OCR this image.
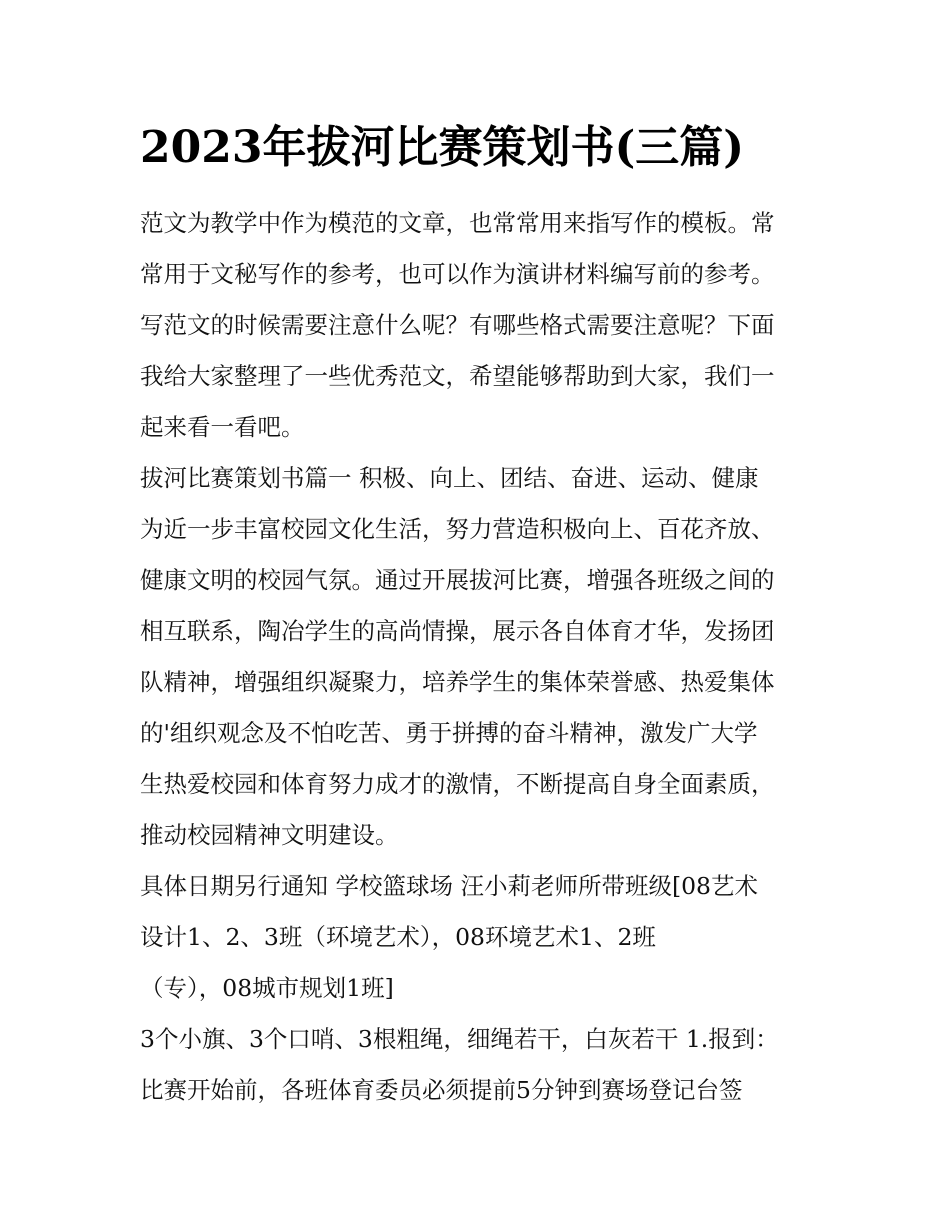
2023年拔河比赛策划书(三篇)
范文为教学中作为模范的文章，也常常用来指写作的模板。常
常用于文秘写作的参考，也可以作为演讲材料编写前的参考。
写范文的时候需要注意什么呢？有哪些格式需要注意呢？下面
我给大家整理了一些优秀范文，希望能够帮助到大家，我们一
起来看一看吧。
拔河比赛策划书篇一 积极、向上、团结、奋进、运动、健康
为近一步丰富校园文化生活，努力营造积极向上、百花齐放、
健康文明的校园气氛。通过开展拔河比赛，增强各班级之间的
相互联系，陶冶学生的高尚情操，展示各自体育才华，发扬团
队精神，增强组织凝聚力，培养学生的集体荣誉感、热爱集体
的'组织观念及不怕吃苦、勇于拼搏的奋斗精神，激发广大学
生热爱校园和体育努力成才的激情，不断提高自身全面素质，
推动校园精神文明建设。
具体日期另行通知 学校篮球场 汪小莉老师所带班级[08艺术
设计1、2、3班（环境艺术），08环境艺术1、2班
（专），08城市规划1班]
3个小旗、3个口哨、3根粗绳，细绳若干，白灰若干 1.报到：
比赛开始前，各班体育委员必须提前5分钟到赛场登记台签
